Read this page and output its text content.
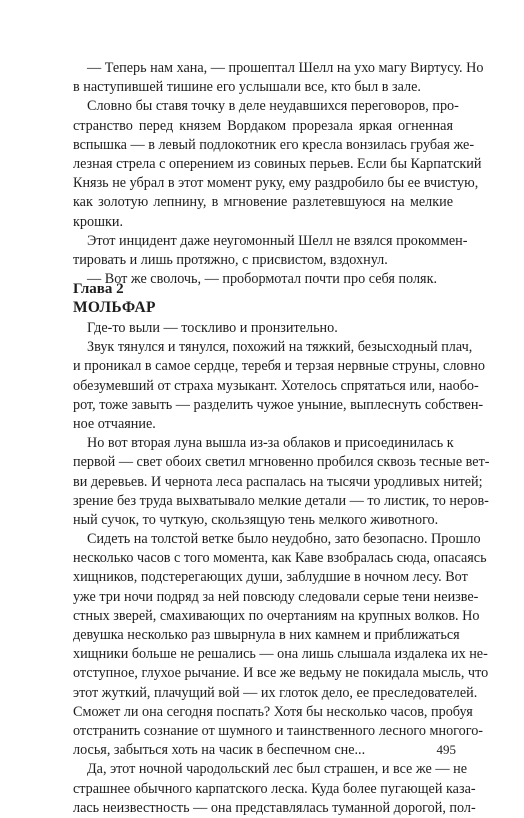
— Теперь нам хана, — прошептал Шелл на ухо магу Виртусу. Но
в наступившей тишине его услышали все, кто был в зале.

Словно бы ставя точку в деле неудавшихся переговоров, про-
странство перед князем Вордаком прорезала яркая огненная
вспышка — в левый подлокотник его кресла вонзилась грубая же-
лезная стрела с оперением из совиных перьев. Если бы Карпатский
Князь не убрал в этот момент руку, ему раздробило бы ее вчистую,
как золотую лепнину, в мгновение разлетевшуюся на мелкие
крошки.

Этот инцидент даже неугомонный Шелл не взялся прокоммен-
тировать и лишь протяжно, с присвистом, вздохнул.

— Вот же сволочь, — пробормотал почти про себя поляк.

Глава 2
МОЛЬФАР

Где-то выли — тоскливо и пронзительно.

Звук тянулся и тянулся, похожий на тяжкий, безысходный плач,
и проникал в самое сердце, теребя и терзая нервные струны, словно
обезумевший от страха музыкант. Хотелось спрятаться или, наобо-
рот, тоже завыть — разделить чужое уныние, выплеснуть собствен-
ное отчаяние.

Но вот вторая луна вышла из-за облаков и присоединилась к
первой — свет обоих светил мгновенно пробился сквозь тесные вет-
ви деревьев. И чернота леса распалась на тысячи уродливых нитей;
зрение без труда выхватывало мелкие детали — то листик, то неров-
ный сучок, то чуткую, скользящую тень мелкого животного.

Сидеть на толстой ветке было неудобно, зато безопасно. Прошло
несколько часов с того момента, как Каве взобралась сюда, опасаясь
хищников, подстерегающих души, заблудшие в ночном лесу. Вот
уже три ночи подряд за ней повсюду следовали серые тени неизве-
стных зверей, смахивающих по очертаниям на крупных волков. Но
девушка несколько раз швырнула в них камнем и приближаться
хищники больше не решались — она лишь слышала издалека их не-
отступное, глухое рычание. И все же ведьму не покидала мысль, что
этот жуткий, плачущий вой — их глоток дело, ее преследователей.
Сможет ли она сегодня поспать? Хотя бы несколько часов, пробуя
отстранить сознание от шумного и таинственного лесного многого-
лосья, забыться хоть на часик в беспечном сне...

Да, этот ночной чародольский лес был страшен, и все же — не
страшнее обычного карпатского леска. Куда более пугающей каза-
лась неизвестность — она представлялась туманной дорогой, пол-

495
